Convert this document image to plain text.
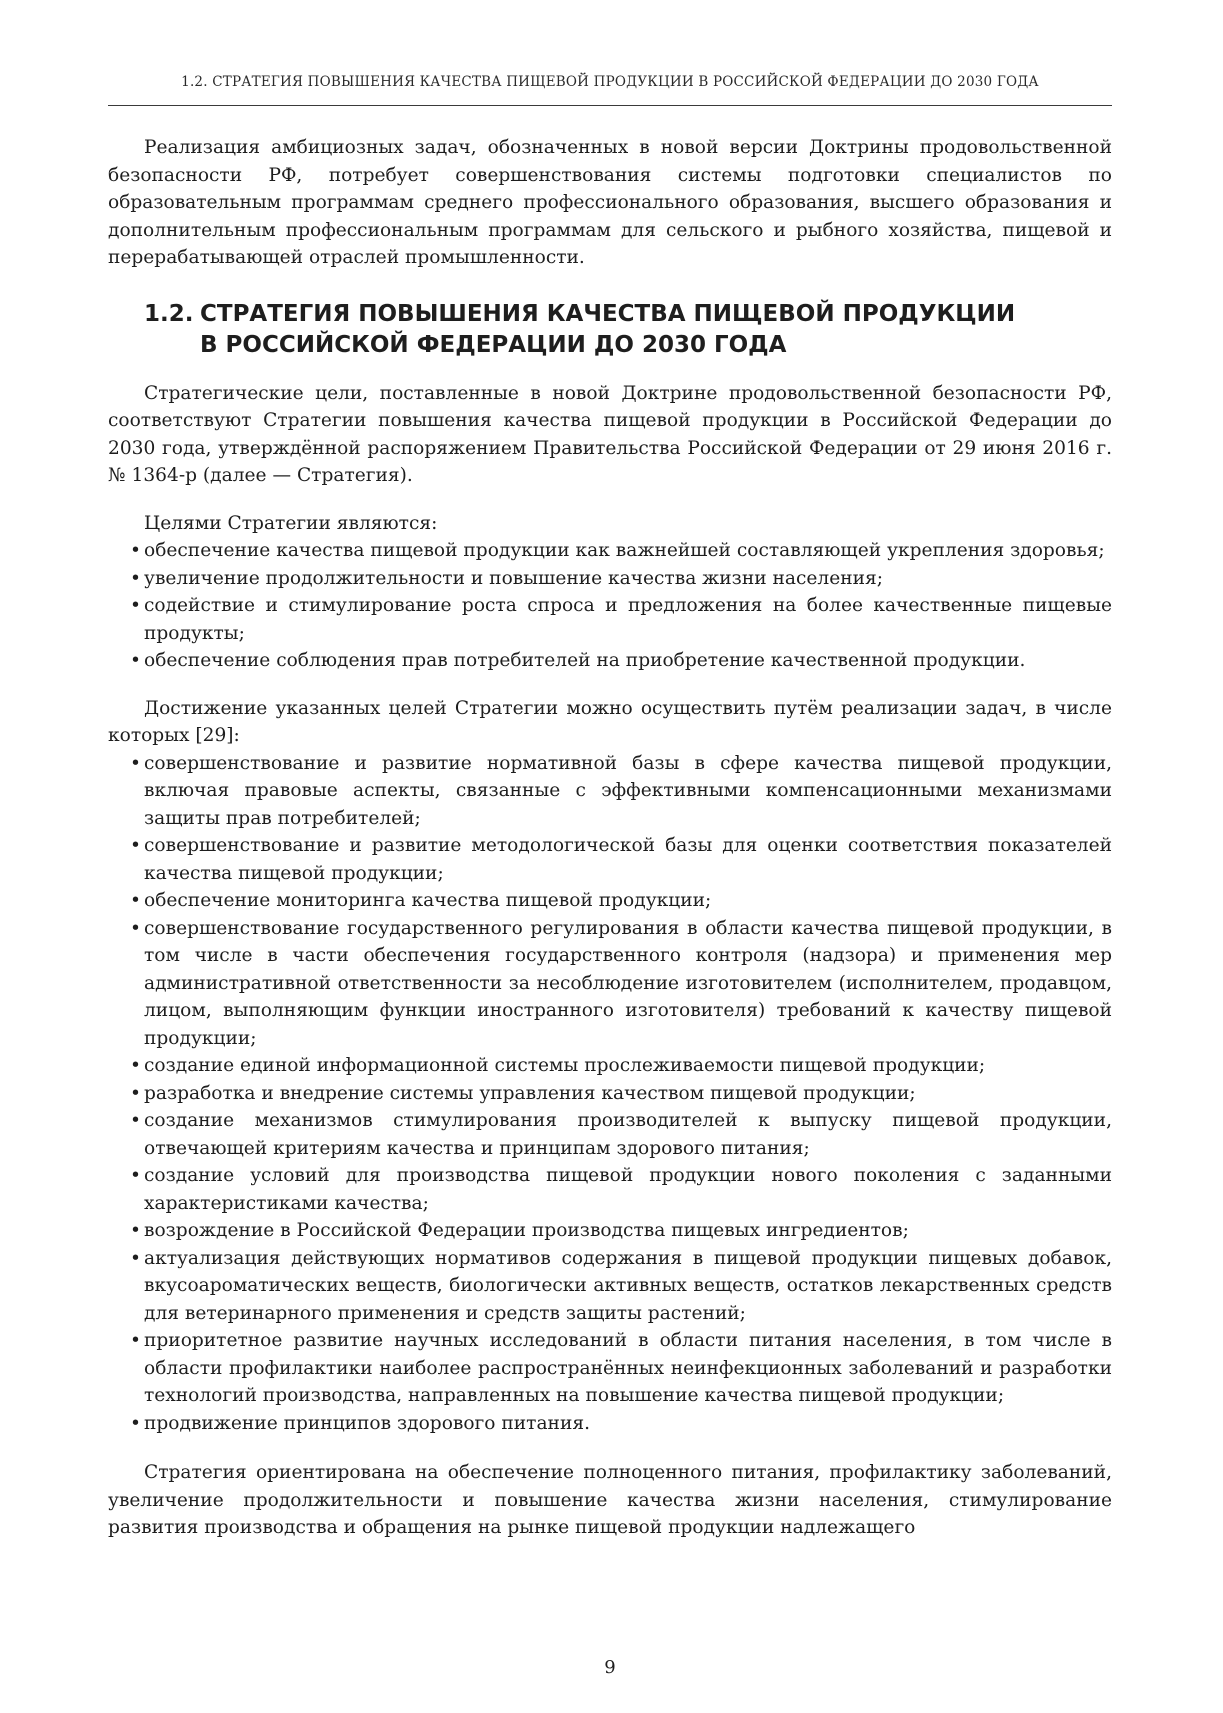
1.2. СТРАТЕГИЯ ПОВЫШЕНИЯ КАЧЕСТВА ПИЩЕВОЙ ПРОДУКЦИИ В РОССИЙСКОЙ ФЕДЕРАЦИИ ДО 2030 ГОДА

Реализация амбициозных задач, обозначенных в новой версии Доктрины продовольственной безопасности РФ, потребует совершенствования системы подготовки специалистов по образовательным программам среднего профессионального образования, высшего образования и дополнительным профессиональным программам для сельского и рыбного хозяйства, пищевой и перерабатывающей отраслей промышленности.

1.2. СТРАТЕГИЯ ПОВЫШЕНИЯ КАЧЕСТВА ПИЩЕВОЙ ПРОДУКЦИИ
В РОССИЙСКОЙ ФЕДЕРАЦИИ ДО 2030 ГОДА

Стратегические цели, поставленные в новой Доктрине продовольственной безопасности РФ, соответствуют Стратегии повышения качества пищевой продукции в Российской Федерации до 2030 года, утверждённой распоряжением Правительства Российской Федерации от 29 июня 2016 г. № 1364-р (далее — Стратегия).

Целями Стратегии являются:

• обеспечение качества пищевой продукции как важнейшей составляющей укрепления здоровья;
• увеличение продолжительности и повышение качества жизни населения;
• содействие и стимулирование роста спроса и предложения на более качественные пищевые продукты;
• обеспечение соблюдения прав потребителей на приобретение качественной продукции.

Достижение указанных целей Стратегии можно осуществить путём реализации задач, в числе которых [29]:

• совершенствование и развитие нормативной базы в сфере качества пищевой продукции, включая правовые аспекты, связанные с эффективными компенсационными механизмами защиты прав потребителей;
• совершенствование и развитие методологической базы для оценки соответствия показателей качества пищевой продукции;
• обеспечение мониторинга качества пищевой продукции;
• совершенствование государственного регулирования в области качества пищевой продукции, в том числе в части обеспечения государственного контроля (надзора) и применения мер административной ответственности за несоблюдение изготовителем (исполнителем, продавцом, лицом, выполняющим функции иностранного изготовителя) требований к качеству пищевой продукции;
• создание единой информационной системы прослеживаемости пищевой продукции;
• разработка и внедрение системы управления качеством пищевой продукции;
• создание механизмов стимулирования производителей к выпуску пищевой продукции, отвечающей критериям качества и принципам здорового питания;
• создание условий для производства пищевой продукции нового поколения с заданными характеристиками качества;
• возрождение в Российской Федерации производства пищевых ингредиентов;
• актуализация действующих нормативов содержания в пищевой продукции пищевых добавок, вкусоароматических веществ, биологически активных веществ, остатков лекарственных средств для ветеринарного применения и средств защиты растений;
• приоритетное развитие научных исследований в области питания населения, в том числе в области профилактики наиболее распространённых неинфекционных заболеваний и разработки технологий производства, направленных на повышение качества пищевой продукции;
• продвижение принципов здорового питания.

Стратегия ориентирована на обеспечение полноценного питания, профилактику заболеваний, увеличение продолжительности и повышение качества жизни населения, стимулирование развития производства и обращения на рынке пищевой продукции надлежащего

9
